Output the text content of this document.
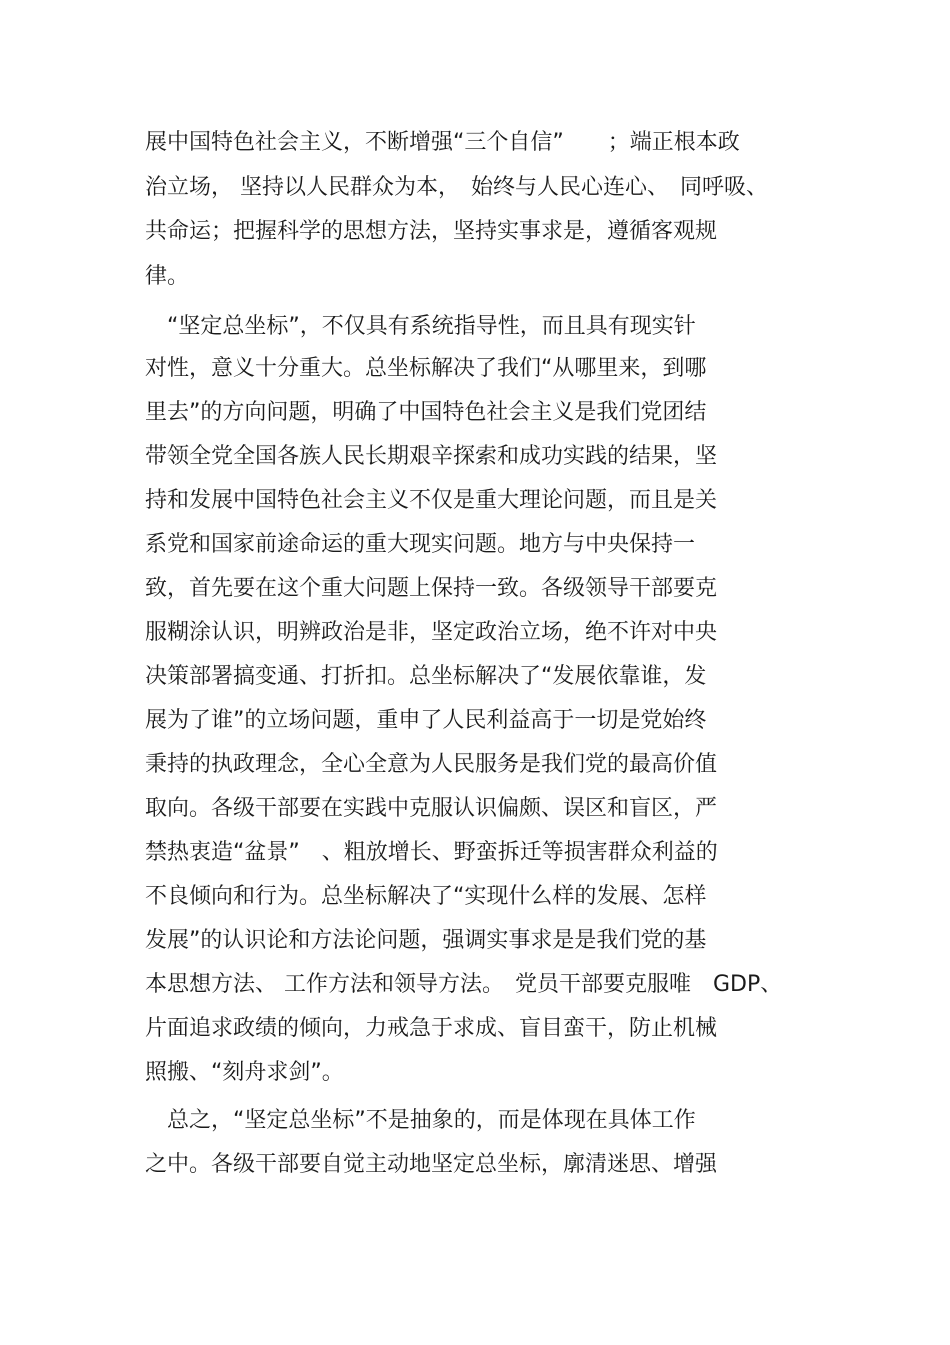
展中国特色社会主义，不断增强“三个自信”　　；端正根本政

治立场， 坚持以人民群众为本，　始终与人民心连心、　同呼吸、

共命运；把握科学的思想方法，坚持实事求是，遵循客观规

律。

　“坚定总坐标”，不仅具有系统指导性，而且具有现实针

对性，意义十分重大。总坐标解决了我们“从哪里来，到哪

里去”的方向问题，明确了中国特色社会主义是我们党团结

带领全党全国各族人民长期艰辛探索和成功实践的结果，坚

持和发展中国特色社会主义不仅是重大理论问题，而且是关

系党和国家前途命运的重大现实问题。地方与中央保持一

致，首先要在这个重大问题上保持一致。各级领导干部要克

服糊涂认识，明辨政治是非，坚定政治立场，绝不许对中央

决策部署搞变通、打折扣。总坐标解决了“发展依靠谁，发

展为了谁”的立场问题，重申了人民利益高于一切是党始终

秉持的执政理念，全心全意为人民服务是我们党的最高价值

取向。各级干部要在实践中克服认识偏颇、误区和盲区，严

禁热衷造“盆景”　、粗放增长、野蛮拆迁等损害群众利益的

不良倾向和行为。总坐标解决了“实现什么样的发展、怎样

发展”的认识论和方法论问题，强调实事求是是我们党的基

本思想方法、 工作方法和领导方法。　党员干部要克服唯　GDP、

片面追求政绩的倾向，力戒急于求成、盲目蛮干，防止机械

照搬、“刻舟求剑”。

　总之，“坚定总坐标”不是抽象的，而是体现在具体工作

之中。各级干部要自觉主动地坚定总坐标，廓清迷思、增强
